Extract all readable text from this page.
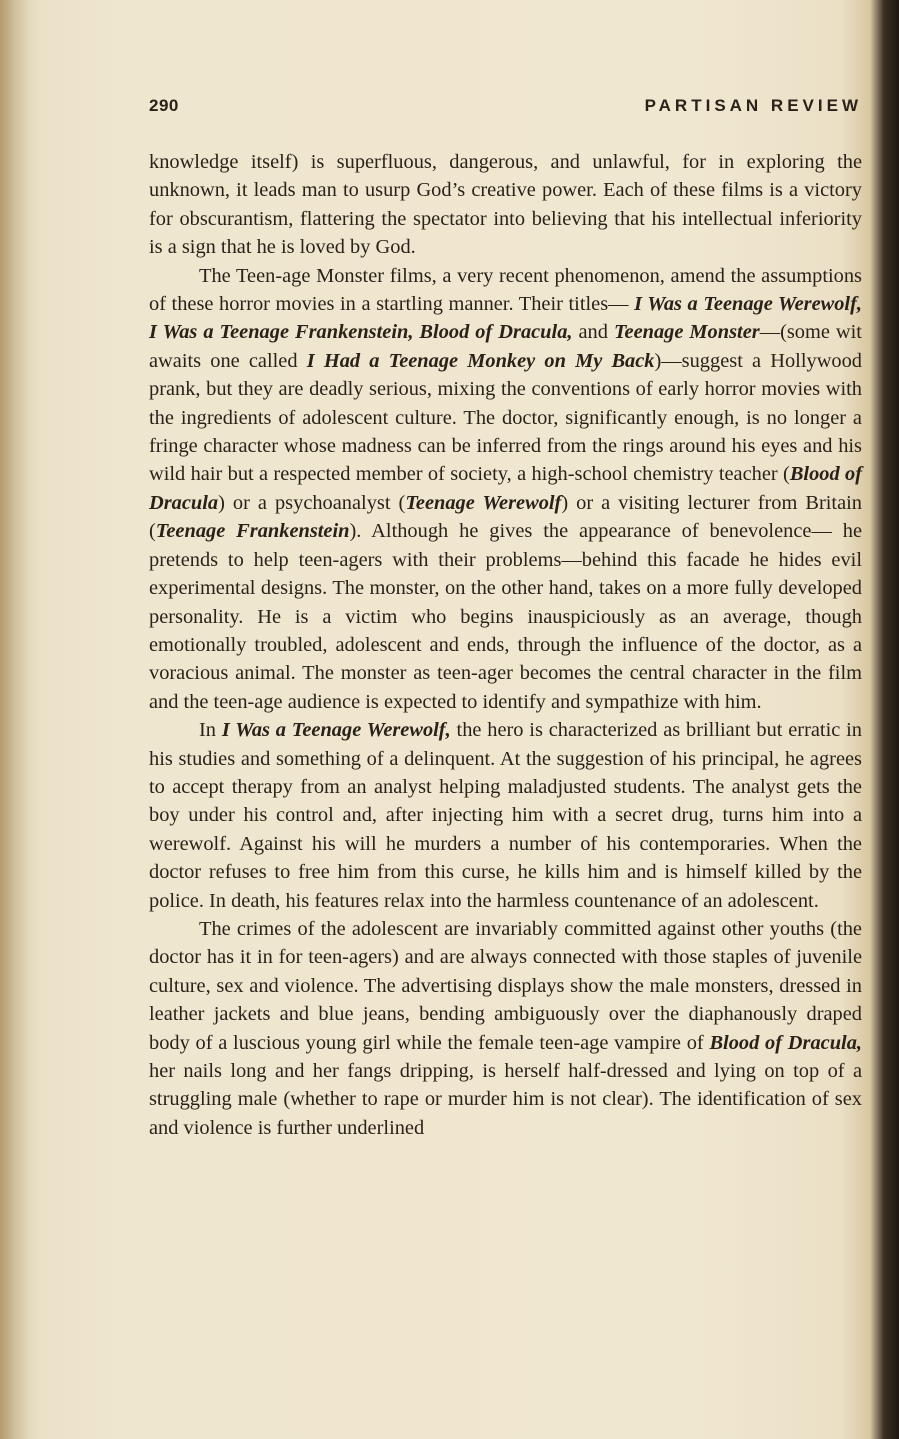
290	PARTISAN REVIEW

knowledge itself) is superfluous, dangerous, and unlawful, for in exploring the unknown, it leads man to usurp God’s creative power. Each of these films is a victory for obscurantism, flattering the spectator into believing that his intellectual inferiority is a sign that he is loved by God.

The Teen-age Monster films, a very recent phenomenon, amend the assumptions of these horror movies in a startling manner. Their titles— I Was a Teenage Werewolf, I Was a Teenage Frankenstein, Blood of Dracula, and Teenage Monster—(some wit awaits one called I Had a Teenage Monkey on My Back)—suggest a Hollywood prank, but they are deadly serious, mixing the conventions of early horror movies with the ingredients of adolescent culture. The doctor, significantly enough, is no longer a fringe character whose madness can be inferred from the rings around his eyes and his wild hair but a respected member of society, a high-school chemistry teacher (Blood of Dracula) or a psychoanalyst (Teenage Werewolf) or a visiting lecturer from Britain (Teenage Frankenstein). Although he gives the appearance of benevolence— he pretends to help teen-agers with their problems—behind this facade he hides evil experimental designs. The monster, on the other hand, takes on a more fully developed personality. He is a victim who begins inauspiciously as an average, though emotionally troubled, adolescent and ends, through the influence of the doctor, as a voracious animal. The monster as teen-ager becomes the central character in the film and the teen-age audience is expected to identify and sympathize with him.

In I Was a Teenage Werewolf, the hero is characterized as brilliant but erratic in his studies and something of a delinquent. At the suggestion of his principal, he agrees to accept therapy from an analyst helping maladjusted students. The analyst gets the boy under his control and, after injecting him with a secret drug, turns him into a werewolf. Against his will he murders a number of his contemporaries. When the doctor refuses to free him from this curse, he kills him and is himself killed by the police. In death, his features relax into the harmless countenance of an adolescent.

The crimes of the adolescent are invariably committed against other youths (the doctor has it in for teen-agers) and are always connected with those staples of juvenile culture, sex and violence. The advertising displays show the male monsters, dressed in leather jackets and blue jeans, bending ambiguously over the diaphanously draped body of a luscious young girl while the female teen-age vampire of Blood of Dracula, her nails long and her fangs dripping, is herself half-dressed and lying on top of a struggling male (whether to rape or murder him is not clear). The identification of sex and violence is further underlined
